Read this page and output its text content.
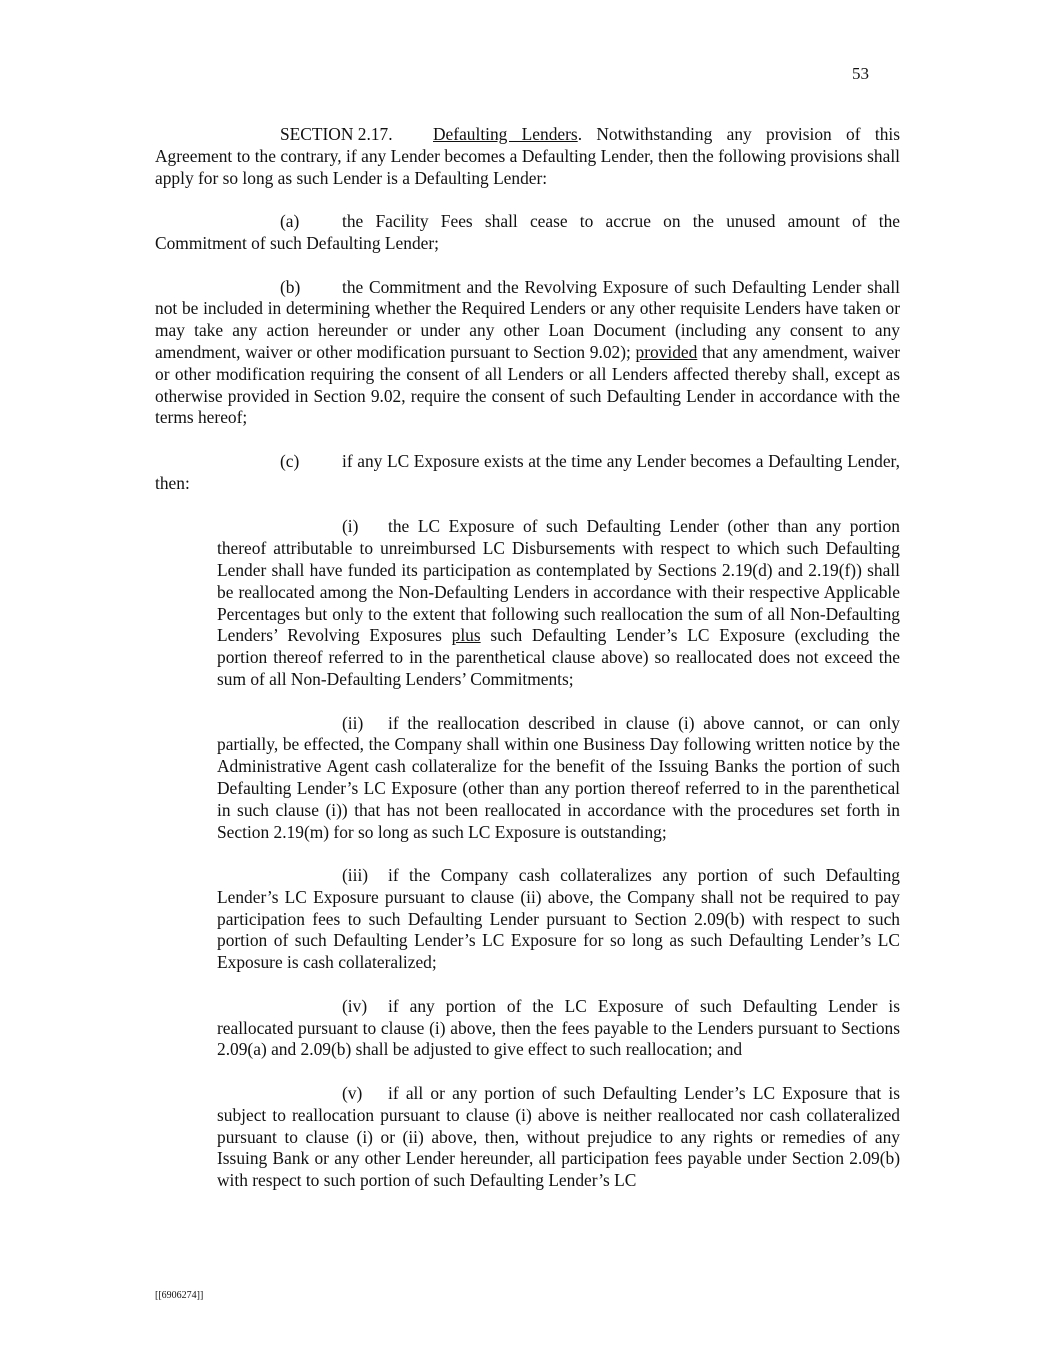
53

SECTION 2.17. Defaulting Lenders. Notwithstanding any provision of this Agreement to the contrary, if any Lender becomes a Defaulting Lender, then the following provisions shall apply for so long as such Lender is a Defaulting Lender:

(a) the Facility Fees shall cease to accrue on the unused amount of the Commitment of such Defaulting Lender;

(b) the Commitment and the Revolving Exposure of such Defaulting Lender shall not be included in determining whether the Required Lenders or any other requisite Lenders have taken or may take any action hereunder or under any other Loan Document (including any consent to any amendment, waiver or other modification pursuant to Section 9.02); provided that any amendment, waiver or other modification requiring the consent of all Lenders or all Lenders affected thereby shall, except as otherwise provided in Section 9.02, require the consent of such Defaulting Lender in accordance with the terms hereof;

(c) if any LC Exposure exists at the time any Lender becomes a Defaulting Lender, then:

(i) the LC Exposure of such Defaulting Lender (other than any portion thereof attributable to unreimbursed LC Disbursements with respect to which such Defaulting Lender shall have funded its participation as contemplated by Sections 2.19(d) and 2.19(f)) shall be reallocated among the Non-Defaulting Lenders in accordance with their respective Applicable Percentages but only to the extent that following such reallocation the sum of all Non-Defaulting Lenders’ Revolving Exposures plus such Defaulting Lender’s LC Exposure (excluding the portion thereof referred to in the parenthetical clause above) so reallocated does not exceed the sum of all Non-Defaulting Lenders’ Commitments;

(ii) if the reallocation described in clause (i) above cannot, or can only partially, be effected, the Company shall within one Business Day following written notice by the Administrative Agent cash collateralize for the benefit of the Issuing Banks the portion of such Defaulting Lender’s LC Exposure (other than any portion thereof referred to in the parenthetical in such clause (i)) that has not been reallocated in accordance with the procedures set forth in Section 2.19(m) for so long as such LC Exposure is outstanding;

(iii) if the Company cash collateralizes any portion of such Defaulting Lender’s LC Exposure pursuant to clause (ii) above, the Company shall not be required to pay participation fees to such Defaulting Lender pursuant to Section 2.09(b) with respect to such portion of such Defaulting Lender’s LC Exposure for so long as such Defaulting Lender’s LC Exposure is cash collateralized;

(iv) if any portion of the LC Exposure of such Defaulting Lender is reallocated pursuant to clause (i) above, then the fees payable to the Lenders pursuant to Sections 2.09(a) and 2.09(b) shall be adjusted to give effect to such reallocation; and

(v) if all or any portion of such Defaulting Lender’s LC Exposure that is subject to reallocation pursuant to clause (i) above is neither reallocated nor cash collateralized pursuant to clause (i) or (ii) above, then, without prejudice to any rights or remedies of any Issuing Bank or any other Lender hereunder, all participation fees payable under Section 2.09(b) with respect to such portion of such Defaulting Lender’s LC

[[6906274]]
